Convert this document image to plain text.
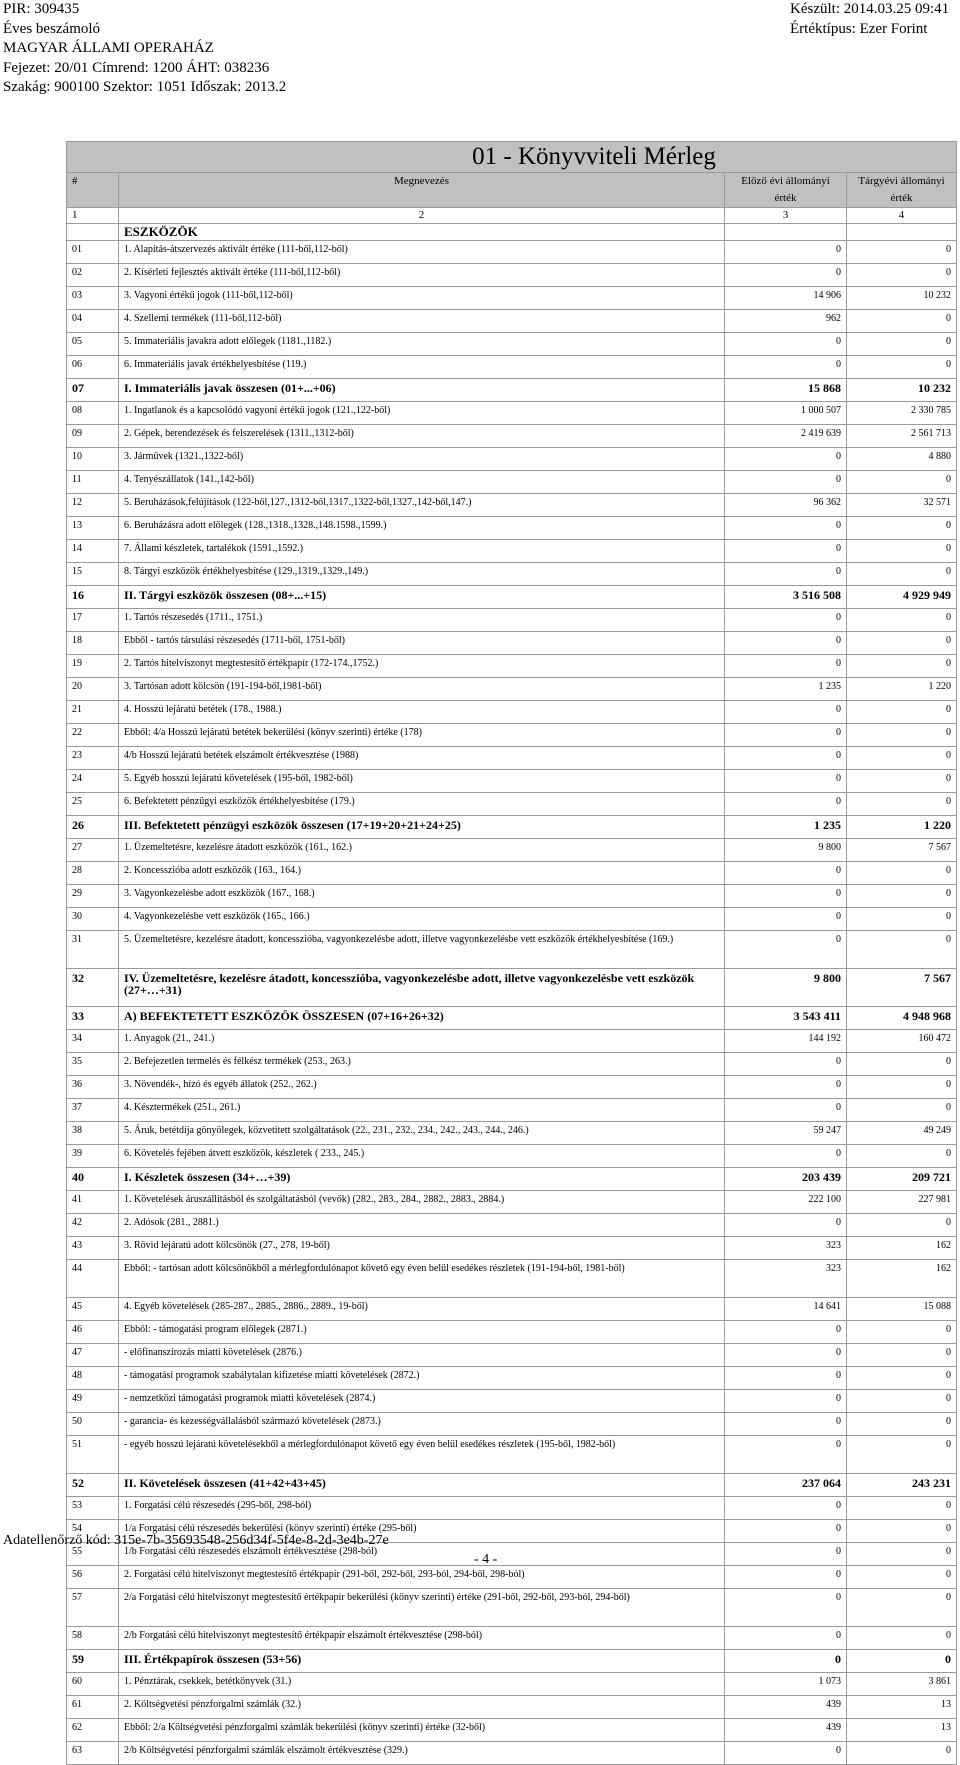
PIR: 309435
Éves beszámoló
MAGYAR ÁLLAMI OPERAHÁZ
Fejezet: 20/01 Címrend: 1200 ÁHT: 038236
Szakág: 900100 Szektor: 1051 Időszak: 2013.2
Készült: 2014.03.25 09:41
Értéktípus: Ezer Forint
01 - Könyvviteli Mérleg			
#	Megnevezés	Előző évi állományi érték	Tárgyévi állományi érték
1	2	3	4
	ESZKÖZÖK		
01	1. Alapítás-átszervezés aktivált értéke (111-ből,112-ből)	0	0
02	2. Kísérleti fejlesztés aktivált értéke (111-ből,112-ből)	0	0
03	3. Vagyoni értékű jogok (111-ből,112-ből)	14 906	10 232
04	4. Szellemi termékek (111-ből,112-ből)	962	0
05	5. Immateriális javakra adott előlegek (1181.,1182.)	0	0
06	6. Immateriális javak értékhelyesbítése (119.)	0	0
07	I. Immateriális javak összesen (01+...+06)	15 868	10 232
08	1. Ingatlanok és a kapcsolódó vagyoni értékű jogok (121.,122-ből)	1 000 507	2 330 785
09	2. Gépek, berendezések és felszerelések (1311.,1312-ből)	2 419 639	2 561 713
10	3. Járművek (1321.,1322-ből)	0	4 880
11	4. Tenyészállatok (141.,142-ből)	0	0
12	5. Beruházások,felújítások (122-ből,127.,1312-ből,1317.,1322-ből,1327.,142-ből,147.)	96 362	32 571
13	6. Beruházásra adott előlegek (128.,1318.,1328.,148.1598.,1599.)	0	0
14	7. Állami készletek, tartalékok (1591.,1592.)	0	0
15	8. Tárgyi eszközök értékhelyesbítése (129.,1319.,1329.,149.)	0	0
16	II. Tárgyi eszközök összesen (08+...+15)	3 516 508	4 929 949
17	1. Tartós részesedés (1711., 1751.)	0	0
18	Ebből - tartós társulási részesedés (1711-ből, 1751-ből)	0	0
19	2. Tartós hitelviszonyt megtestesítő értékpapír (172-174.,1752.)	0	0
20	3. Tartósan adott kölcsön (191-194-ből,1981-ből)	1 235	1 220
21	4. Hosszú lejáratú betétek (178., 1988.)	0	0
22	Ebből: 4/a Hosszú lejáratú betétek bekerülési (könyv szerinti) értéke (178)	0	0
23	4/b Hosszú lejáratú betétek elszámolt értékvesztése (1988)	0	0
24	5. Egyéb hosszú lejáratú követelések (195-ből, 1982-ből)	0	0
25	6. Befektetett pénzügyi eszközök értékhelyesbítése (179.)	0	0
26	III. Befektetett pénzügyi eszközök összesen (17+19+20+21+24+25)	1 235	1 220
27	1. Üzemeltetésre, kezelésre átadott eszközök (161., 162.)	9 800	7 567
28	2. Koncesszióba adott eszközök (163., 164.)	0	0
29	3. Vagyonkezelésbe adott eszközök (167., 168.)	0	0
30	4. Vagyonkezelésbe vett eszközök (165., 166.)	0	0
31	5. Üzemeltetésre, kezelésre átadott, koncesszióba, vagyonkezelésbe adott, illetve vagyonkezelésbe vett eszközök értékhelyesbítése (169.)	0	0
32	IV. Üzemeltetésre, kezelésre átadott, koncesszióba, vagyonkezelésbe adott, illetve vagyonkezelésbe vett eszközök (27+…+31)	9 800	7 567
33	A) BEFEKTETETT ESZKÖZÖK ÖSSZESEN (07+16+26+32)	3 543 411	4 948 968
34	1. Anyagok (21., 241.)	144 192	160 472
35	2. Befejezetlen termelés és félkész termékek (253., 263.)	0	0
36	3. Növendék-, hízó és egyéb állatok (252., 262.)	0	0
37	4. Késztermékek (251., 261.)	0	0
38	5. Áruk, betétdíja gönyölegek, közvetített szolgáltatások (22., 231., 232., 234., 242., 243., 244., 246.)	59 247	49 249
39	6. Követelés fejében átvett eszközök, készletek ( 233., 245.)	0	0
40	I. Készletek összesen (34+…+39)	203 439	209 721
41	1. Követelések áruszállításból és szolgáltatásból (vevők) (282., 283., 284., 2882., 2883., 2884.)	222 100	227 981
42	2. Adósok (281., 2881.)	0	0
43	3. Rövid lejáratú adott kölcsönök (27., 278, 19-ből)	323	162
44	Ebből: - tartósan adott kölcsönökből a mérlegfordulónapot követő egy éven belül esedékes részletek (191-194-ből, 1981-ből)	323	162
45	4. Egyéb követelések (285-287., 2885., 2886., 2889., 19-ből)	14 641	15 088
46	Ebből: - támogatási program előlegek (2871.)	0	0
47	- előfinanszírozás miatti követelések (2876.)	0	0
48	- támogatási programok szabálytalan kifizetése miatti követelések (2872.)	0	0
49	- nemzetközi támogatási programok miatti követelések (2874.)	0	0
50	- garancia- és kezességvállalásból származó követelések (2873.)	0	0
51	- egyéb hosszú lejáratú követelésekből a mérlegfordulónapot követő egy éven belül esedékes részletek (195-ből, 1982-ből)	0	0
52	II. Követelések összesen (41+42+43+45)	237 064	243 231
53	1. Forgatási célú részesedés (295-ből, 298-ból)	0	0
54	1/a Forgatási célú részesedés bekerülési (könyv szerinti) értéke (295-ből)	0	0
55	1/b Forgatási célú részesedés elszámolt értékvesztése (298-ból)	0	0
56	2. Forgatási célú hitelviszonyt megtestesítő értékpapír (291-ből, 292-ből, 293-ból, 294-ből, 298-ból)	0	0
57	2/a Forgatási célú hitelviszonyt megtestesítő értékpapír bekerülési (könyv szerinti) értéke (291-ből, 292-ből, 293-ból, 294-ből)	0	0
58	2/b Forgatási célú hitelviszonyt megtestesítő értékpapír elszámolt értékvesztése (298-ból)	0	0
59	III. Értékpapírok összesen (53+56)	0	0
60	1. Pénztárak, csekkek, betétkönyvek (31.)	1 073	3 861
61	2. Költségvetési pénzforgalmi számlák (32.)	439	13
62	Ebből: 2/a Költségvetési pénzforgalmi számlák bekerülési (könyv szerinti) értéke (32-ből)	439	13
63	2/b Költségvetési pénzforgalmi számlák elszámolt értékvesztése (329.)	0	0
Adatellenőrző kód: 315e-7b-35693548-256d34f-5f4e-8-2d-3e4b-27e
- 4 -
